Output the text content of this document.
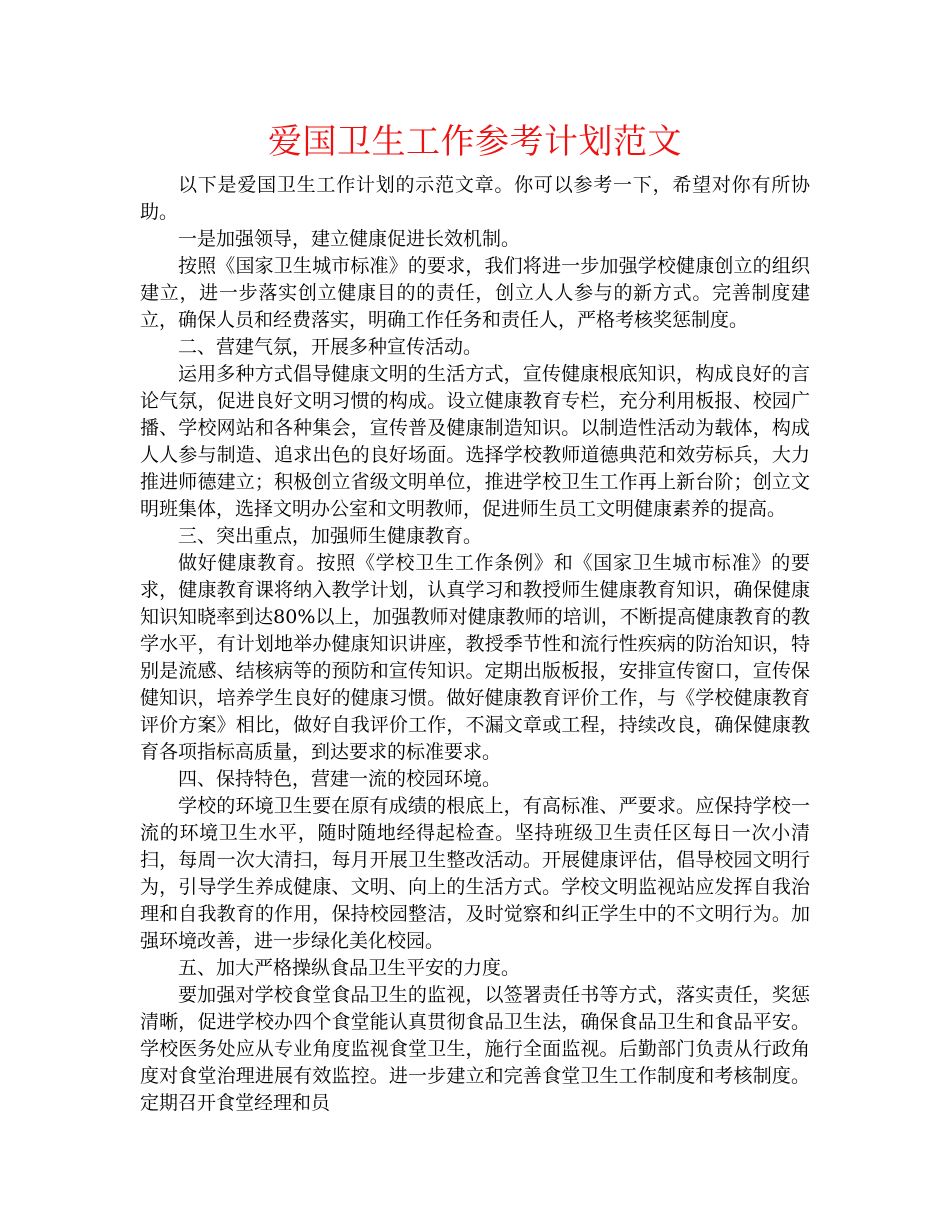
爱国卫生工作参考计划范文

以下是爱国卫生工作计划的示范文章。你可以参考一下，希望对你有所协助。

一是加强领导，建立健康促进长效机制。

按照《国家卫生城市标准》的要求，我们将进一步加强学校健康创立的组织建立，进一步落实创立健康目的的责任，创立人人参与的新方式。完善制度建立，确保人员和经费落实，明确工作任务和责任人，严格考核奖惩制度。

二、营建气氛，开展多种宣传活动。

运用多种方式倡导健康文明的生活方式，宣传健康根底知识，构成良好的言论气氛，促进良好文明习惯的构成。设立健康教育专栏，充分利用板报、校园广播、学校网站和各种集会，宣传普及健康制造知识。以制造性活动为载体，构成人人参与制造、追求出色的良好场面。选择学校教师道德典范和效劳标兵，大力推进师德建立；积极创立省级文明单位，推进学校卫生工作再上新台阶；创立文明班集体，选择文明办公室和文明教师，促进师生员工文明健康素养的提高。

三、突出重点，加强师生健康教育。

做好健康教育。按照《学校卫生工作条例》和《国家卫生城市标准》的要求，健康教育课将纳入教学计划，认真学习和教授师生健康教育知识，确保健康知识知晓率到达80%以上，加强教师对健康教师的培训，不断提高健康教育的教学水平，有计划地举办健康知识讲座，教授季节性和流行性疾病的防治知识，特别是流感、结核病等的预防和宣传知识。定期出版板报，安排宣传窗口，宣传保健知识，培养学生良好的健康习惯。做好健康教育评价工作，与《学校健康教育评价方案》相比，做好自我评价工作，不漏文章或工程，持续改良，确保健康教育各项指标高质量，到达要求的标准要求。

四、保持特色，营建一流的校园环境。

学校的环境卫生要在原有成绩的根底上，有高标准、严要求。应保持学校一流的环境卫生水平，随时随地经得起检查。坚持班级卫生责任区每日一次小清扫，每周一次大清扫，每月开展卫生整改活动。开展健康评估，倡导校园文明行为，引导学生养成健康、文明、向上的生活方式。学校文明监视站应发挥自我治理和自我教育的作用，保持校园整洁，及时觉察和纠正学生中的不文明行为。加强环境改善，进一步绿化美化校园。

五、加大严格操纵食品卫生平安的力度。

要加强对学校食堂食品卫生的监视，以签署责任书等方式，落实责任，奖惩清晰，促进学校办四个食堂能认真贯彻食品卫生法，确保食品卫生和食品平安。学校医务处应从专业角度监视食堂卫生，施行全面监视。后勤部门负责从行政角度对食堂治理进展有效监控。进一步建立和完善食堂卫生工作制度和考核制度。定期召开食堂经理和员
